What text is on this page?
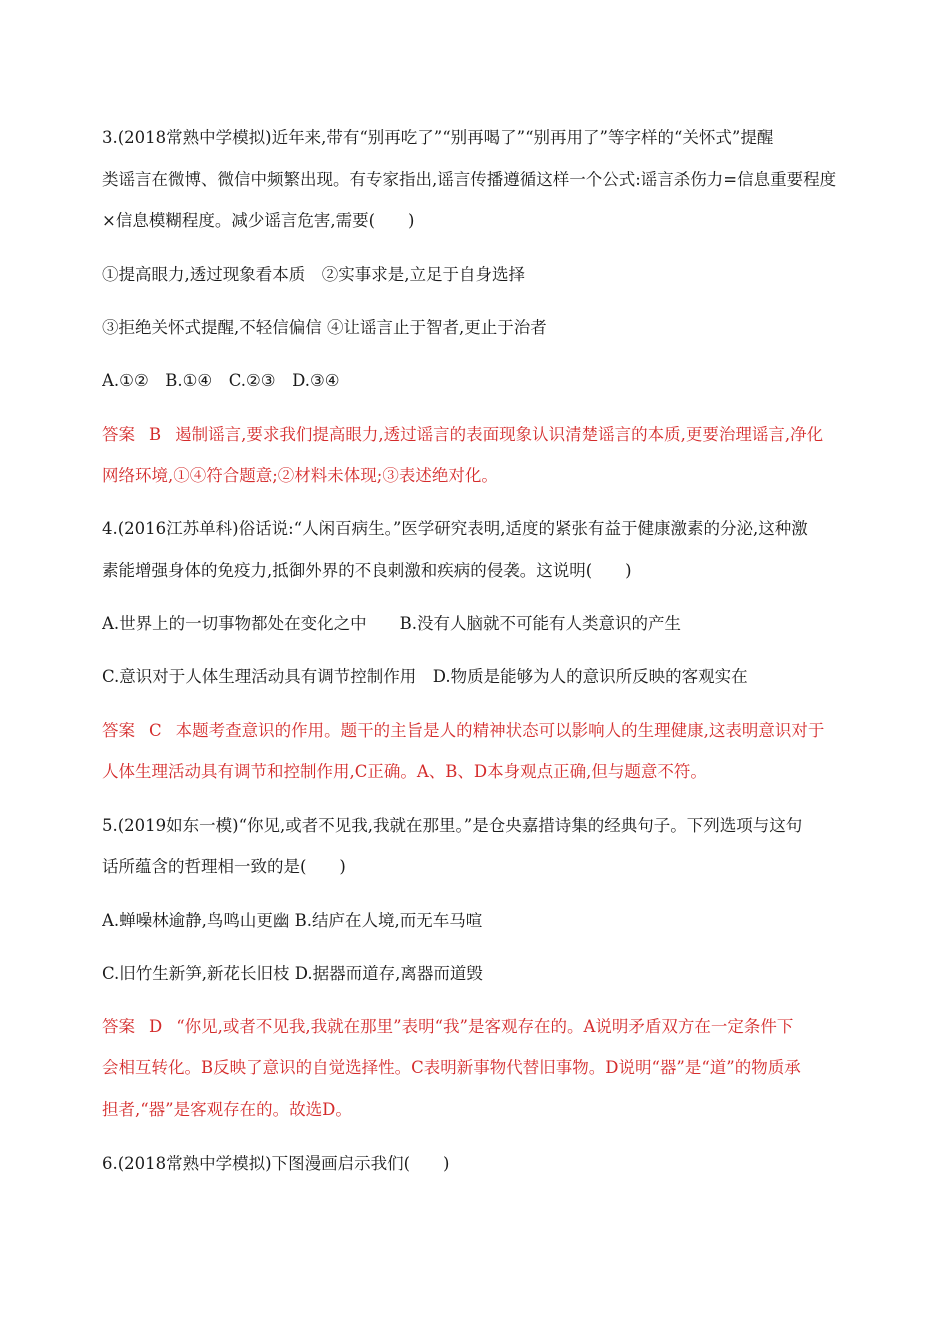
3.(2018常熟中学模拟)近年来,带有“别再吃了”“别再喝了”“别再用了”等字样的“关怀式”提醒
类谣言在微博、微信中频繁出现。有专家指出,谣言传播遵循这样一个公式:谣言杀伤力=信息重要程度
×信息模糊程度。减少谣言危害,需要(　　)
①提高眼力,透过现象看本质　②实事求是,立足于自身选择
③拒绝关怀式提醒,不轻信偏信 ④让谣言止于智者,更止于治者
A.①②　B.①④　C.②③　D.③④
答案 B 遏制谣言,要求我们提高眼力,透过谣言的表面现象认识清楚谣言的本质,更要治理谣言,净化
网络环境,①④符合题意;②材料未体现;③表述绝对化。
4.(2016江苏单科)俗话说:“人闲百病生。”医学研究表明,适度的紧张有益于健康激素的分泌,这种激
素能增强身体的免疫力,抵御外界的不良刺激和疾病的侵袭。这说明(　　)
A.世界上的一切事物都处在变化之中　　B.没有人脑就不可能有人类意识的产生
C.意识对于人体生理活动具有调节控制作用　D.物质是能够为人的意识所反映的客观实在
答案 C 本题考查意识的作用。题干的主旨是人的精神状态可以影响人的生理健康,这表明意识对于
人体生理活动具有调节和控制作用,C正确。A、B、D本身观点正确,但与题意不符。
5.(2019如东一模)“你见,或者不见我,我就在那里。”是仓央嘉措诗集的经典句子。下列选项与这句
话所蕴含的哲理相一致的是(　　)
A.蝉噪林逾静,鸟鸣山更幽 B.结庐在人境,而无车马喧
C.旧竹生新笋,新花长旧枝 D.据器而道存,离器而道毁
答案 D “你见,或者不见我,我就在那里”表明“我”是客观存在的。A说明矛盾双方在一定条件下
会相互转化。B反映了意识的自觉选择性。C表明新事物代替旧事物。D说明“器”是“道”的物质承
担者,“器”是客观存在的。故选D。
6.(2018常熟中学模拟)下图漫画启示我们(　　)
